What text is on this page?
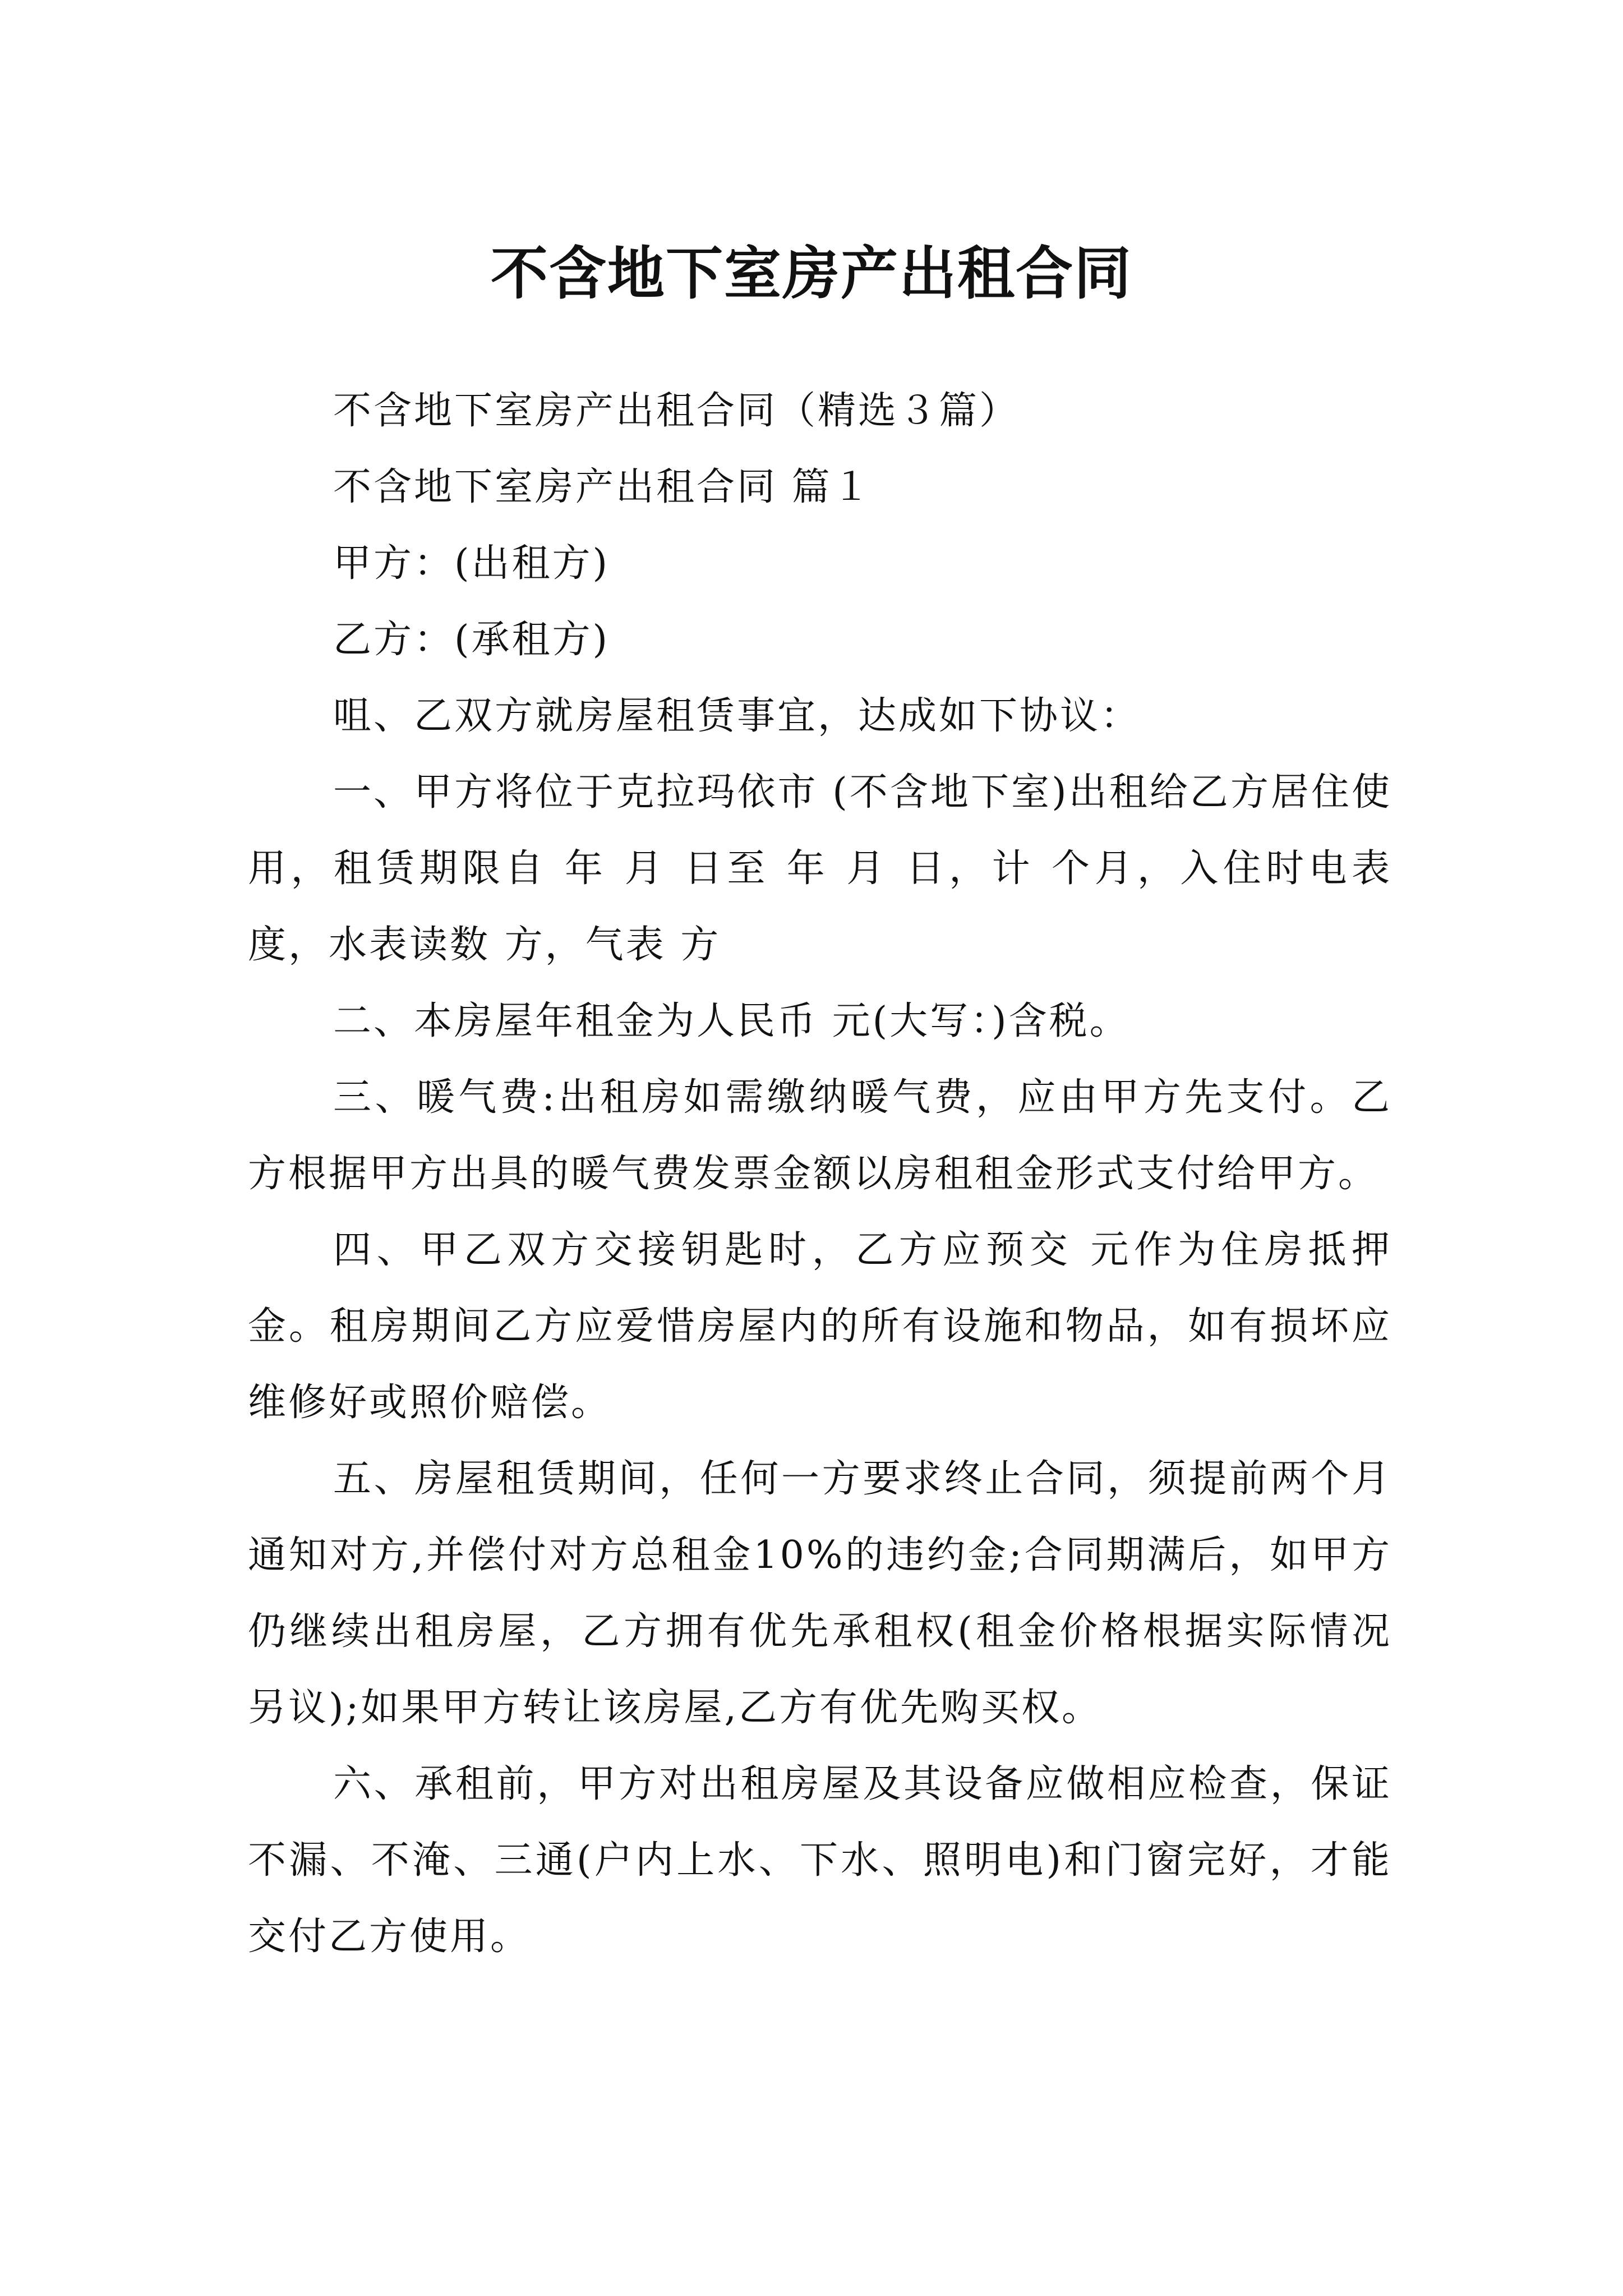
不含地下室房产出租合同

不含地下室房产出租合同（精选３篇）

不含地下室房产出租合同 篇１

甲方：(出租方)

乙方：(承租方)

咀、乙双方就房屋租赁事宜，达成如下协议：

一、甲方将位于克拉玛依市 (不含地下室)出租给乙方居住使用，租赁期限自 年 月 日至 年 月 日，计 个月，入住时电表 度，水表读数 方，气表 方

二、本房屋年租金为人民币 元(大写：)含税。

三、暖气费:出租房如需缴纳暖气费，应由甲方先支付。乙方根据甲方出具的暖气费发票金额以房租租金形式支付给甲方。

四、甲乙双方交接钥匙时，乙方应预交 元作为住房抵押金。租房期间乙方应爱惜房屋内的所有设施和物品，如有损坏应维修好或照价赔偿。

五、房屋租赁期间，任何一方要求终止合同，须提前两个月通知对方,并偿付对方总租金10%的违约金;合同期满后，如甲方仍继续出租房屋，乙方拥有优先承租权(租金价格根据实际情况另议);如果甲方转让该房屋,乙方有优先购买权。

六、承租前，甲方对出租房屋及其设备应做相应检查，保证不漏、不淹、三通(户内上水、下水、照明电)和门窗完好，才能交付乙方使用。
